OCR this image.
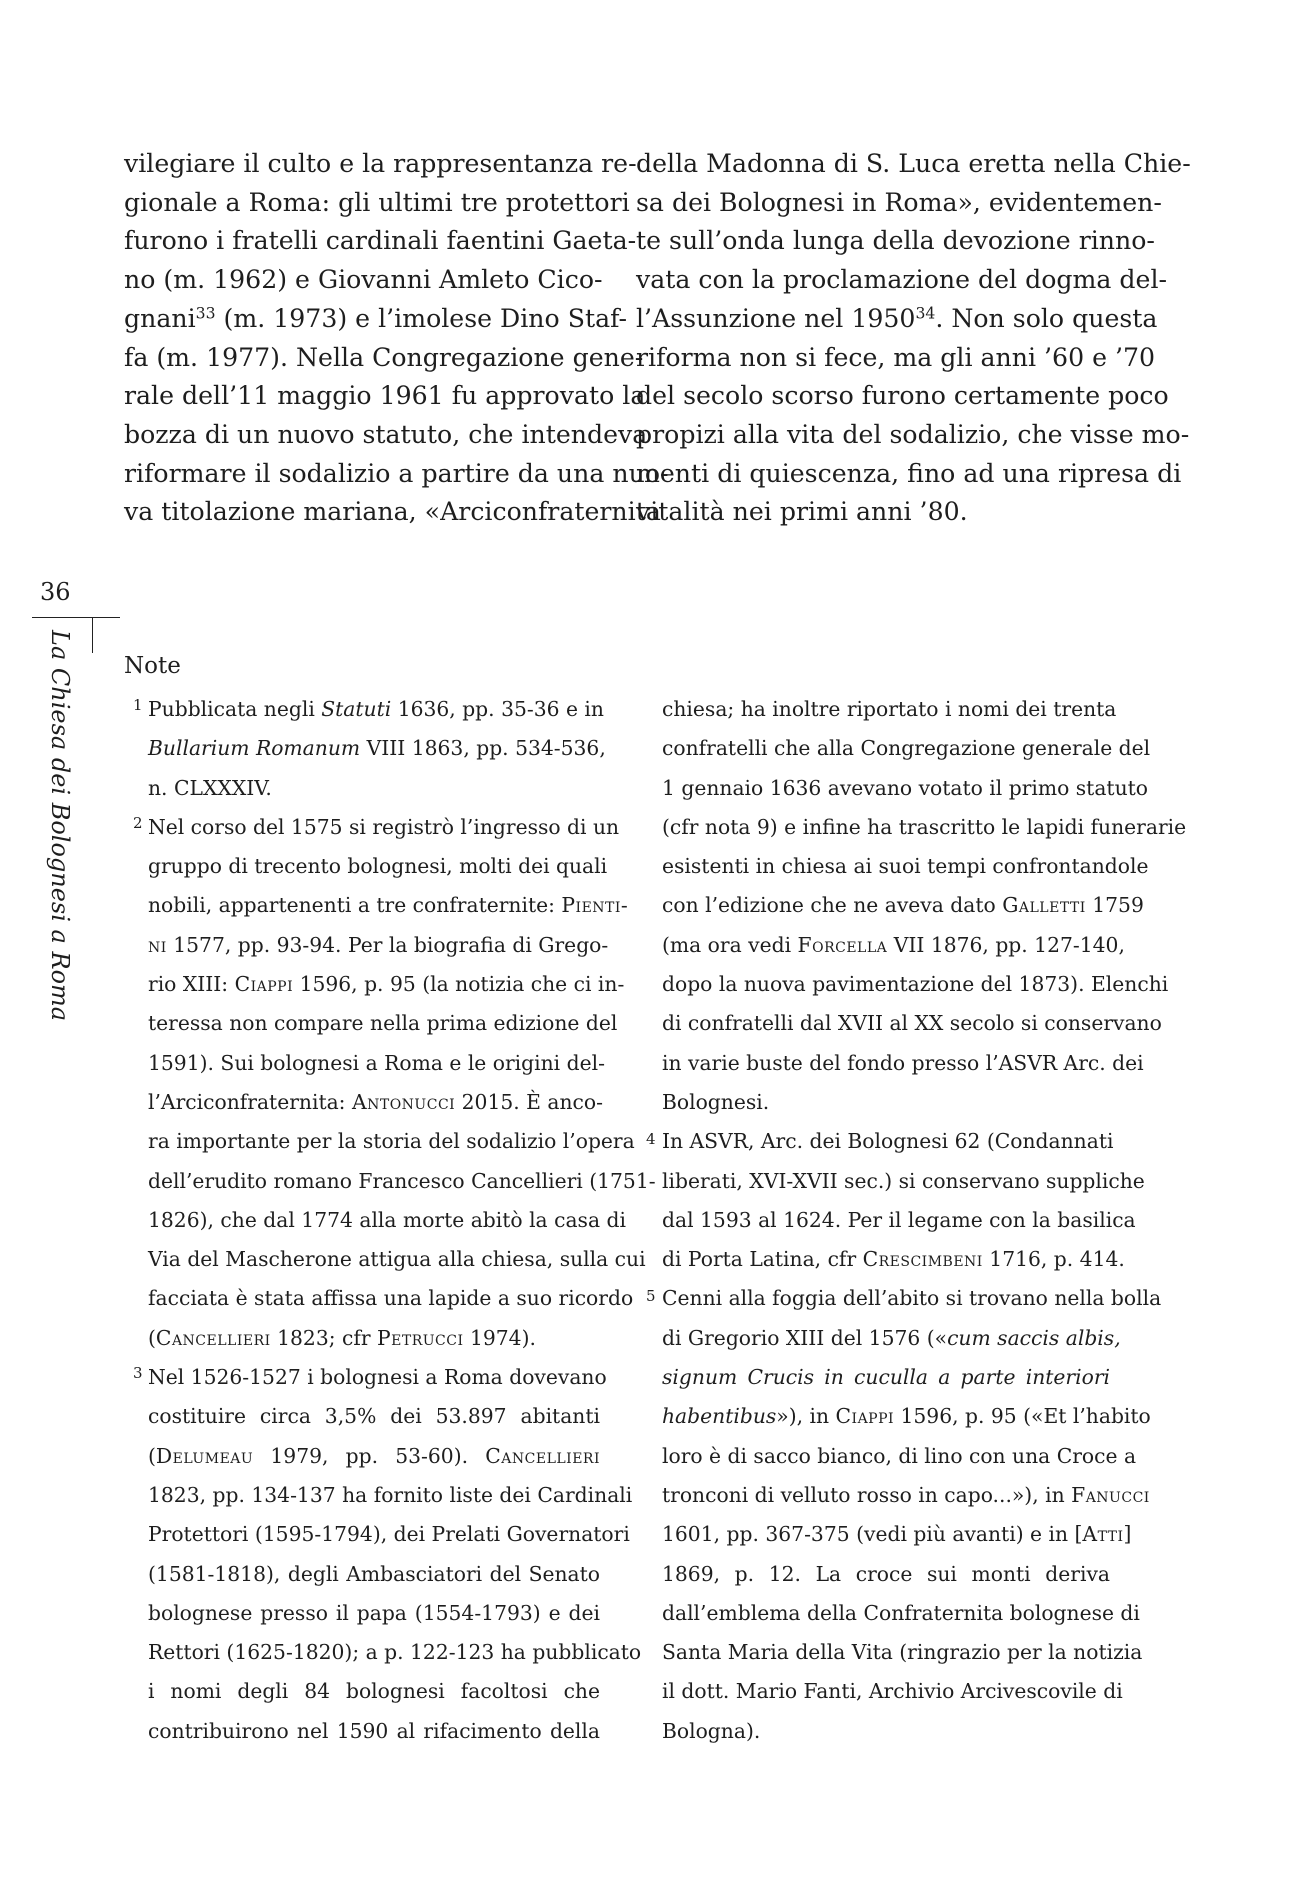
vilegiare il culto e la rappresentanza re-
gionale a Roma: gli ultimi tre protettori
furono i fratelli cardinali faentini Gaeta-
no (m. 1962) e Giovanni Amleto Cico-
gnani$^{33}$ (m. 1973) e l’imolese Dino Staf-
fa (m. 1977). Nella Congregazione gene-
rale dell’11 maggio 1961 fu approvato la
bozza di un nuovo statuto, che intendeva
riformare il sodalizio a partire da una nuo-
va titolazione mariana, «Arciconfraternita
della Madonna di S. Luca eretta nella Chie-
sa dei Bolognesi in Roma», evidentemen-
te sull’onda lunga della devozione rinno-
vata con la proclamazione del dogma del-
l’Assunzione nel 1950$^{34}$. Non solo questa
riforma non si fece, ma gli anni ’60 e ’70
del secolo scorso furono certamente poco
propizi alla vita del sodalizio, che visse mo-
menti di quiescenza, fino ad una ripresa di
vitalità nei primi anni ’80.
36
La Chiesa dei Bolognesi a Roma Note
Pubblicata negli Statuti 1636, pp. 35-36 e in
Bullarium Romanum VIII 1863, pp. 534-536,
n. CLXXXIV.
Nel corso del 1575 si registrò l’ingresso di un
gruppo di trecento bolognesi, molti dei quali
nobili, appartenenti a tre confraternite: Pienti-
ni 1577, pp. 93-94. Per la biografia di Grego-
rio XIII: Ciappi 1596, p. 95 (la notizia che ci in-
teressa non compare nella prima edizione del
1591). Sui bolognesi a Roma e le origini del-
l’Arciconfraternita: Antonucci 2015. È anco-
ra importante per la storia del sodalizio l’opera
dell’erudito romano Francesco Cancellieri (1751-
1826), che dal 1774 alla morte abitò la casa di
Via del Mascherone attigua alla chiesa, sulla cui
facciata è stata affissa una lapide a suo ricordo
(Cancellieri 1823; cfr Petrucci 1974).
Nel 1526-1527 i bolognesi a Roma dovevano
costituire circa 3,5% dei 53.897 abitanti
(Delumeau 1979, pp. 53-60). Cancellieri
1823, pp. 134-137 ha fornito liste dei Cardinali
Protettori (1595-1794), dei Prelati Governatori
(1581-1818), degli Ambasciatori del Senato
bolognese presso il papa (1554-1793) e dei
Rettori (1625-1820); a p. 122-123 ha pubblicato
i nomi degli 84 bolognesi facoltosi che
contribuirono nel 1590 al rifacimento della
1
2
3
chiesa; ha inoltre riportato i nomi dei trenta
confratelli che alla Congregazione generale del
1 gennaio 1636 avevano votato il primo statuto
(cfr nota 9) e infine ha trascritto le lapidi funerarie
esistenti in chiesa ai suoi tempi confrontandole
con l’edizione che ne aveva dato Galletti 1759
(ma ora vedi Forcella VII 1876, pp. 127-140,
dopo la nuova pavimentazione del 1873). Elenchi
di confratelli dal XVII al XX secolo si conservano
in varie buste del fondo presso l’ASVR Arc. dei
Bolognesi.
In ASVR, Arc. dei Bolognesi 62 (Condannati
liberati, XVI-XVII sec.) si conservano suppliche
dal 1593 al 1624. Per il legame con la basilica
di Porta Latina, cfr Crescimbeni 1716, p. 414.
Cenni alla foggia dell’abito si trovano nella bolla
di Gregorio XIII del 1576 («cum saccis albis,
signum Crucis in cuculla a parte interiori
habentibus»), in Ciappi 1596, p. 95 («Et l’habito
loro è di sacco bianco, di lino con una Croce a
tronconi di velluto rosso in capo...»), in Fanucci
1601, pp. 367-375 (vedi più avanti) e in [Atti]
1869, p. 12. La croce sui monti deriva
dall’emblema della Confraternita bolognese di
Santa Maria della Vita (ringrazio per la notizia
il dott. Mario Fanti, Archivio Arcivescovile di
Bologna).
4
5
